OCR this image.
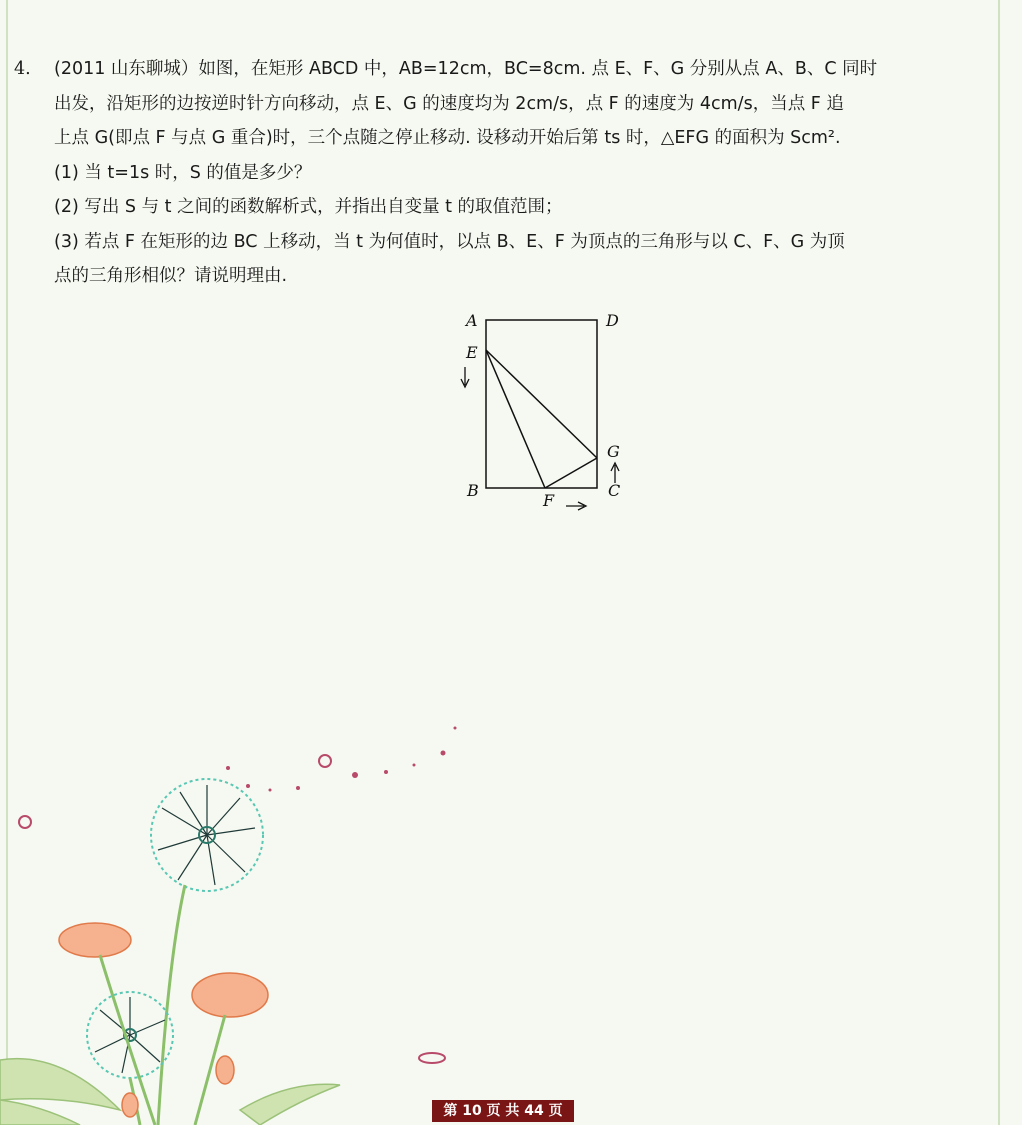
4. (2011 山东聊城）如图，在矩形 ABCD 中，AB=12cm，BC=8cm. 点 E、F、G 分别从点 A、B、C 同时
出发，沿矩形的边按逆时针方向移动，点 E、G 的速度均为 2cm/s，点 F 的速度为 4cm/s，当点 F 追
上点 G(即点 F 与点 G 重合)时，三个点随之停止移动. 设移动开始后第 ts 时，△EFG 的面积为 Scm².
(1) 当 t=1s 时，S 的值是多少？
(2) 写出 S 与 t 之间的函数解析式，并指出自变量 t 的取值范围；
(3) 若点 F 在矩形的边 BC 上移动，当 t 为何值时，以点 B、E、F 为顶点的三角形与以 C、F、G 为顶
点的三角形相似？请说明理由.
A	D
E
B
F
C
G
第 10 页 共 44 页
